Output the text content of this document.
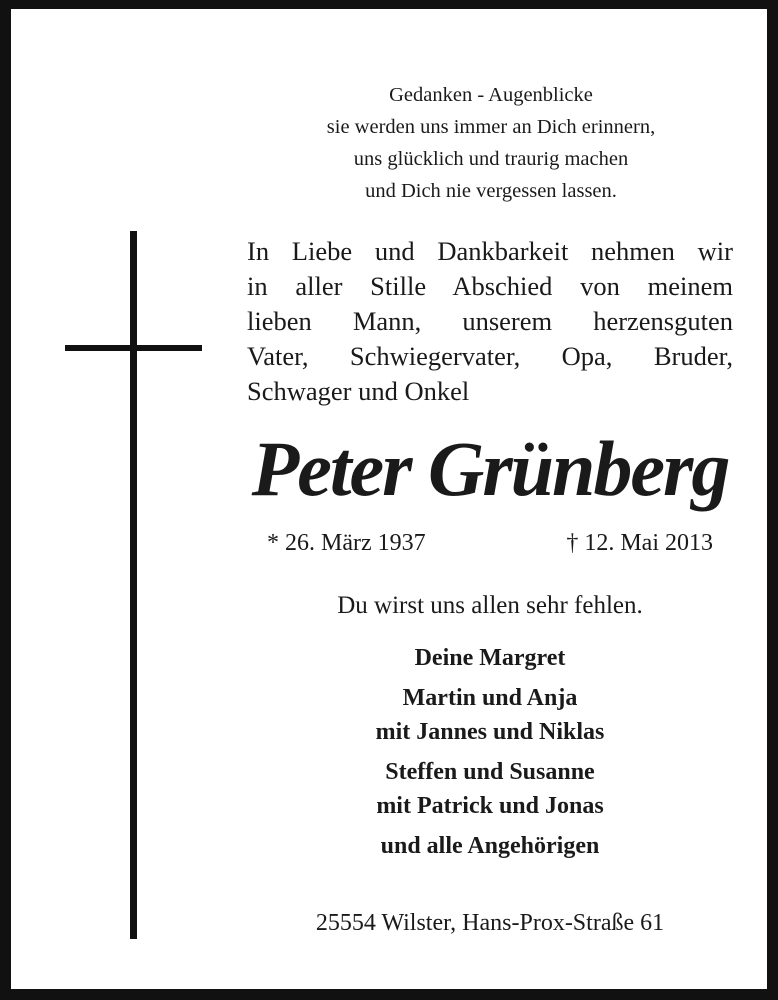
Gedanken - Augenblicke
sie werden uns immer an Dich erinnern,
uns glücklich und traurig machen
und Dich nie vergessen lassen.
In Liebe und Dankbarkeit nehmen wir
in aller Stille Abschied von meinem
lieben Mann, unserem herzensguten
Vater, Schwiegervater, Opa, Bruder,
Schwager und Onkel
Peter Grünberg
* 26. März 1937	† 12. Mai 2013
Du wirst uns allen sehr fehlen.
Deine Margret
Martin und Anja
mit Jannes und Niklas
Steffen und Susanne
mit Patrick und Jonas
und alle Angehörigen
25554 Wilster, Hans-Prox-Straße 61
